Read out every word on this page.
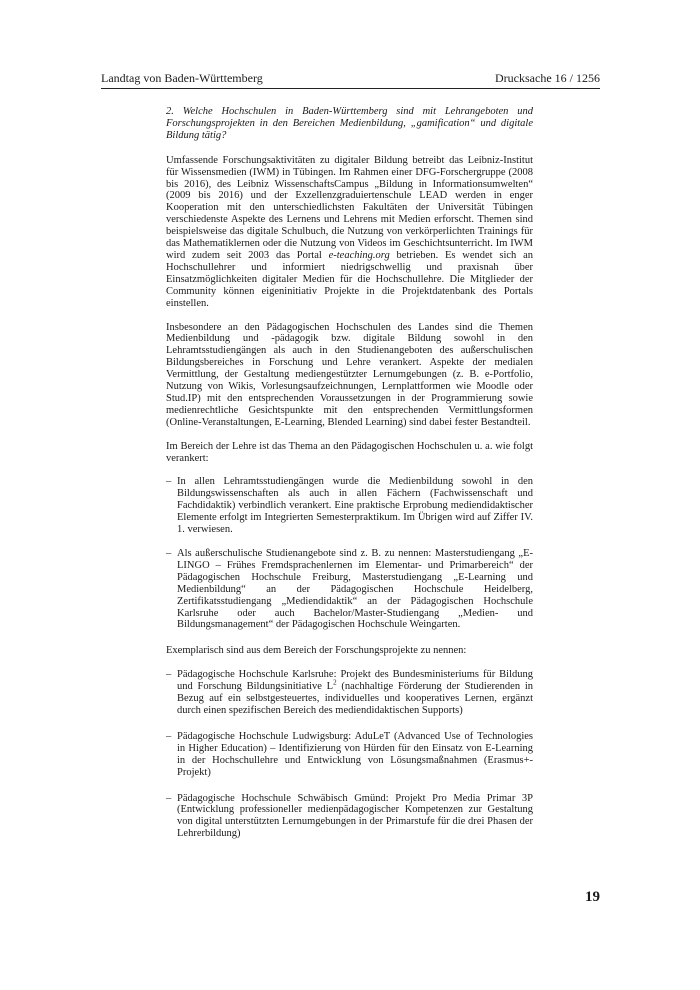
Landtag von Baden-Württemberg	Drucksache 16 / 1256

2. Welche Hochschulen in Baden-Württemberg sind mit Lehrangeboten und Forschungsprojekten in den Bereichen Medienbildung, „gamification“ und digitale Bildung tätig?

Umfassende Forschungsaktivitäten zu digitaler Bildung betreibt das Leibniz-Institut für Wissensmedien (IWM) in Tübingen. Im Rahmen einer DFG-Forschergruppe (2008 bis 2016), des Leibniz WissenschaftsCampus „Bildung in Informationsumwelten“ (2009 bis 2016) und der Exzellenzgraduiertenschule LEAD werden in enger Kooperation mit den unterschiedlichsten Fakultäten der Universität Tübingen verschiedenste Aspekte des Lernens und Lehrens mit Medien erforscht. Themen sind beispielsweise das digitale Schulbuch, die Nutzung von verkörperlichten Trainings für das Mathematiklernen oder die Nutzung von Videos im Geschichtsunterricht. Im IWM wird zudem seit 2003 das Portal e-teaching.org betrieben. Es wendet sich an Hochschullehrer und informiert niedrigschwellig und praxisnah über Einsatzmöglichkeiten digitaler Medien für die Hochschullehre. Die Mitglieder der Community können eigeninitiativ Projekte in die Projektdatenbank des Portals einstellen.

Insbesondere an den Pädagogischen Hochschulen des Landes sind die Themen Medienbildung und -pädagogik bzw. digitale Bildung sowohl in den Lehramtsstudiengängen als auch in den Studienangeboten des außerschulischen Bildungsbereiches in Forschung und Lehre verankert. Aspekte der medialen Vermittlung, der Gestaltung mediengestützter Lernumgebungen (z. B. e-Portfolio, Nutzung von Wikis, Vorlesungsaufzeichnungen, Lernplattformen wie Moodle oder Stud.IP) mit den entsprechenden Voraussetzungen in der Programmierung sowie medienrechtliche Gesichtspunkte mit den entsprechenden Vermittlungsformen (Online-Veranstaltungen, E-Learning, Blended Learning) sind dabei fester Bestandteil.

Im Bereich der Lehre ist das Thema an den Pädagogischen Hochschulen u. a. wie folgt verankert:

– In allen Lehramtsstudiengängen wurde die Medienbildung sowohl in den Bildungswissenschaften als auch in allen Fächern (Fachwissenschaft und Fachdidaktik) verbindlich verankert. Eine praktische Erprobung mediendidaktischer Elemente erfolgt im Integrierten Semesterpraktikum. Im Übrigen wird auf Ziffer IV. 1. verwiesen.
– Als außerschulische Studienangebote sind z. B. zu nennen: Masterstudiengang „E-LINGO – Frühes Fremdsprachenlernen im Elementar- und Primarbereich“ der Pädagogischen Hochschule Freiburg, Masterstudiengang „E-Learning und Medienbildung“ an der Pädagogischen Hochschule Heidelberg, Zertifikatsstudiengang „Mediendidaktik“ an der Pädagogischen Hochschule Karlsruhe oder auch Bachelor/Master-Studiengang „Medien- und Bildungsmanagement“ der Pädagogischen Hochschule Weingarten.

Exemplarisch sind aus dem Bereich der Forschungsprojekte zu nennen:

– Pädagogische Hochschule Karlsruhe: Projekt des Bundesministeriums für Bildung und Forschung Bildungsinitiative $L^2$ (nachhaltige Förderung der Studierenden in Bezug auf ein selbstgesteuertes, individuelles und kooperatives Lernen, ergänzt durch einen spezifischen Bereich des mediendidaktischen Supports)
– Pädagogische Hochschule Ludwigsburg: AduLeT (Advanced Use of Technologies in Higher Education) – Identifizierung von Hürden für den Einsatz von E-Learning in der Hochschullehre und Entwicklung von Lösungsmaßnahmen (Erasmus+-Projekt)
– Pädagogische Hochschule Schwäbisch Gmünd: Projekt Pro Media Primar 3P (Entwicklung professioneller medienpädagogischer Kompetenzen zur Gestaltung von digital unterstützten Lernumgebungen in der Primarstufe für die drei Phasen der Lehrerbildung)
19
